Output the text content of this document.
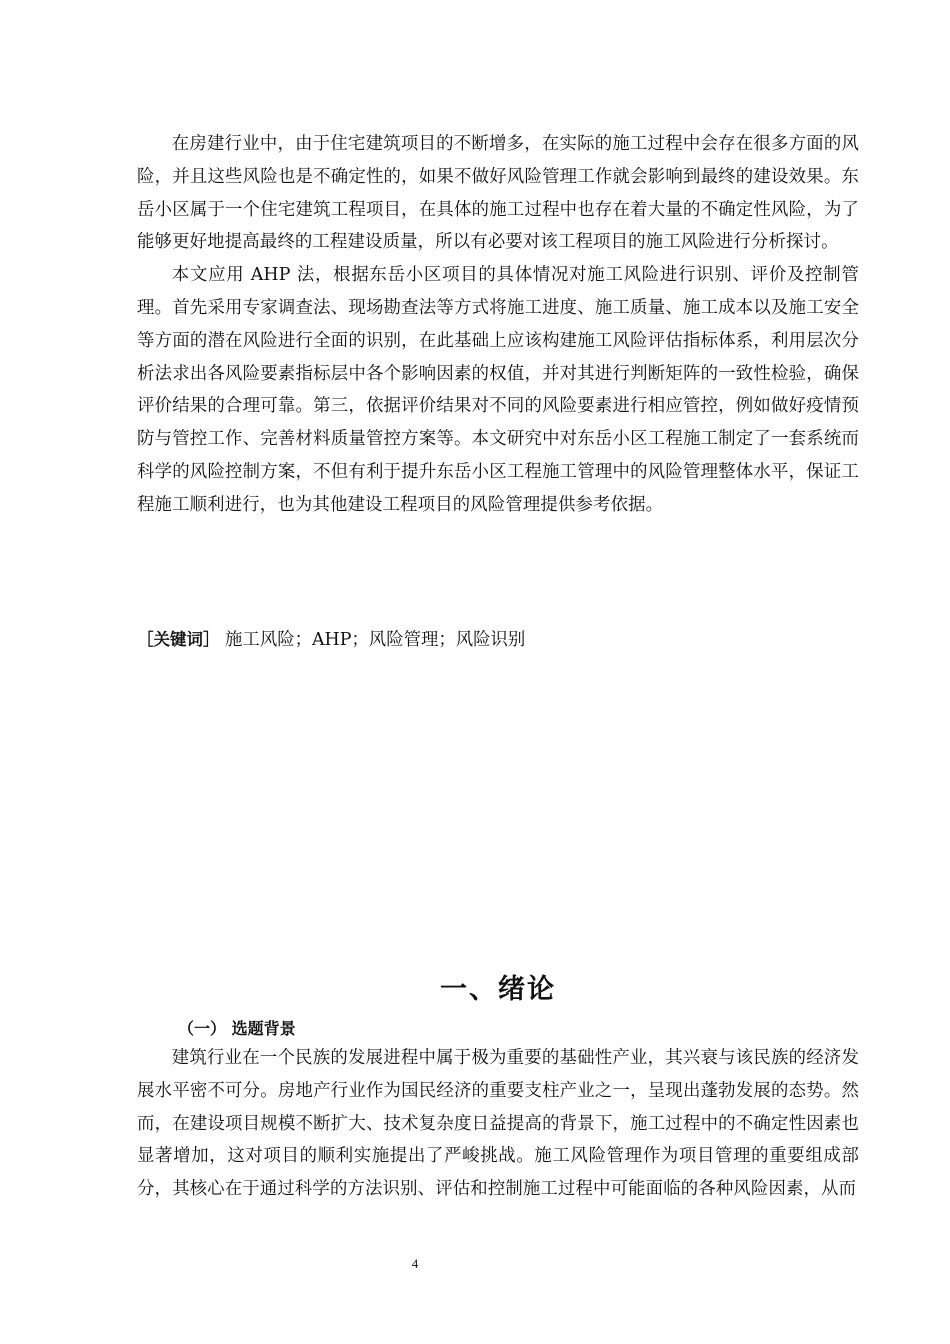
在房建行业中，由于住宅建筑项目的不断增多，在实际的施工过程中会存在很多方面的风险，并且这些风险也是不确定性的，如果不做好风险管理工作就会影响到最终的建设效果。东岳小区属于一个住宅建筑工程项目，在具体的施工过程中也存在着大量的不确定性风险，为了能够更好地提高最终的工程建设质量，所以有必要对该工程项目的施工风险进行分析探讨。

本文应用 AHP 法，根据东岳小区项目的具体情况对施工风险进行识别、评价及控制管理。首先采用专家调查法、现场勘查法等方式将施工进度、施工质量、施工成本以及施工安全等方面的潜在风险进行全面的识别，在此基础上应该构建施工风险评估指标体系，利用层次分析法求出各风险要素指标层中各个影响因素的权值，并对其进行判断矩阵的一致性检验，确保评价结果的合理可靠。第三，依据评价结果对不同的风险要素进行相应管控，例如做好疫情预防与管控工作、完善材料质量管控方案等。本文研究中对东岳小区工程施工制定了一套系统而科学的风险控制方案，不但有利于提升东岳小区工程施工管理中的风险管理整体水平，保证工程施工顺利进行，也为其他建设工程项目的风险管理提供参考依据。

［关键词］ 施工风险；AHP；风险管理；风险识别
一、绪论
（一） 选题背景

建筑行业在一个民族的发展进程中属于极为重要的基础性产业，其兴衰与该民族的经济发展水平密不可分。房地产行业作为国民经济的重要支柱产业之一，呈现出蓬勃发展的态势。然而，在建设项目规模不断扩大、技术复杂度日益提高的背景下，施工过程中的不确定性因素也显著增加，这对项目的顺利实施提出了严峻挑战。施工风险管理作为项目管理的重要组成部分，其核心在于通过科学的方法识别、评估和控制施工过程中可能面临的各种风险因素，从而

4
